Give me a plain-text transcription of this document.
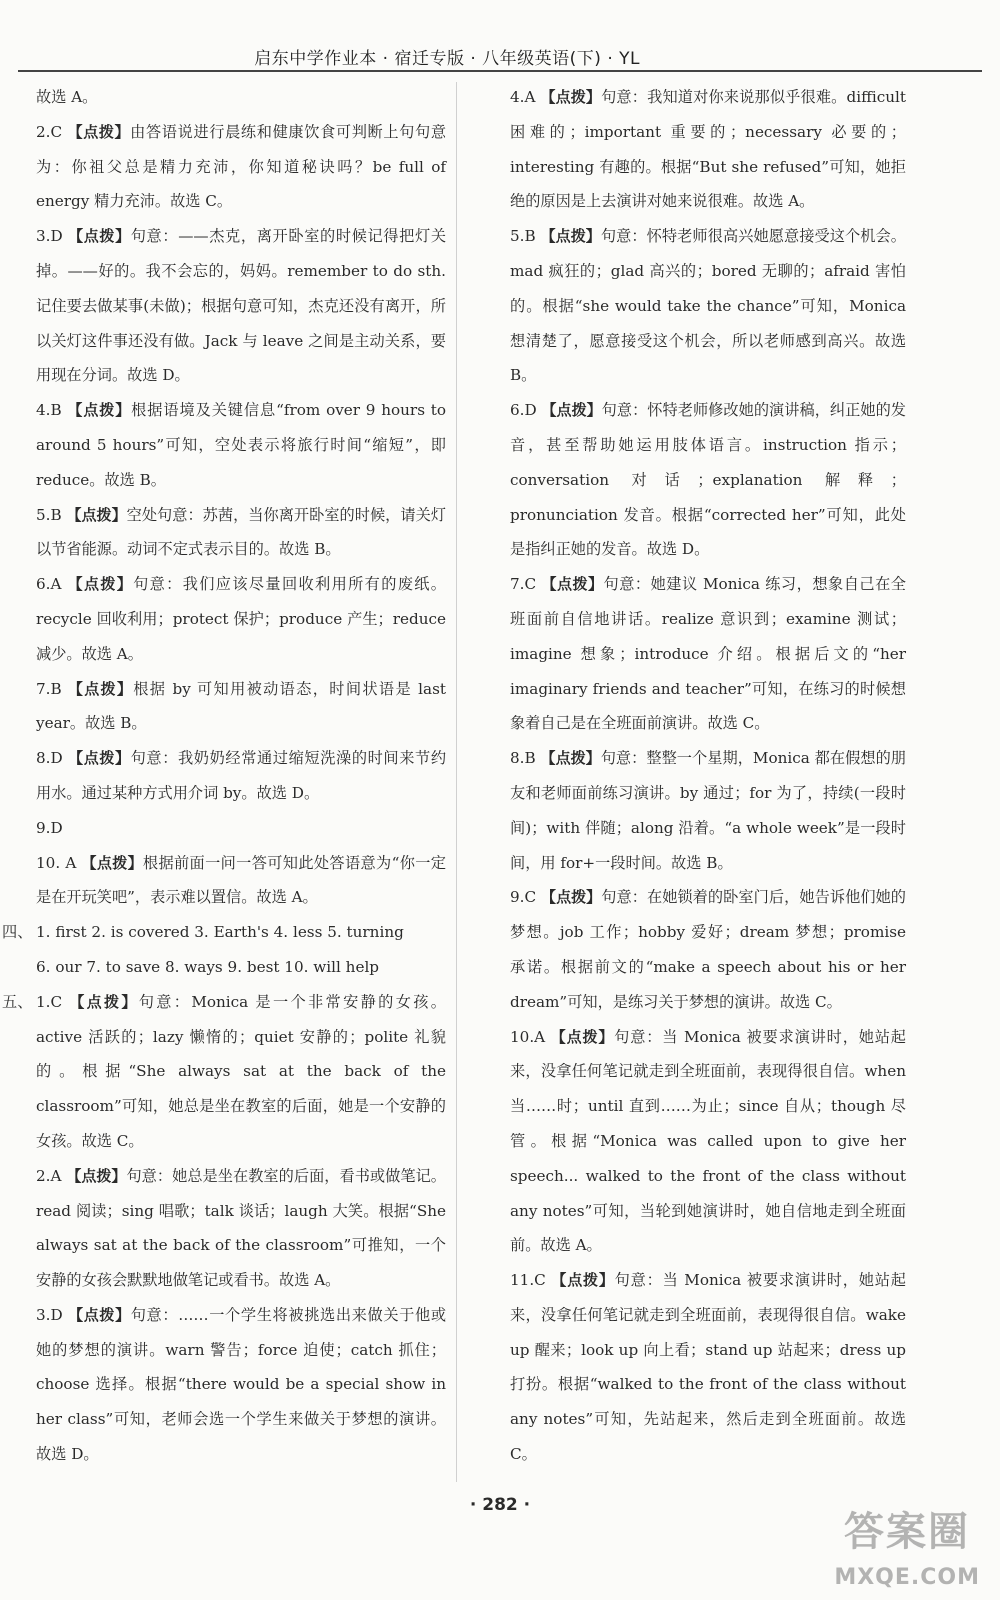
启东中学作业本 · 宿迁专版 · 八年级英语(下) · YL

故选 A。

2.C 【点拨】由答语说进行晨练和健康饮食可判断上句句意为：你祖父总是精力充沛，你知道秘诀吗？be full of energy 精力充沛。故选 C。

3.D 【点拨】句意：——杰克，离开卧室的时候记得把灯关掉。——好的。我不会忘的，妈妈。remember to do sth. 记住要去做某事(未做)；根据句意可知，杰克还没有离开，所以关灯这件事还没有做。Jack 与 leave 之间是主动关系，要用现在分词。故选 D。

4.B 【点拨】根据语境及关键信息“from over 9 hours to around 5 hours”可知，空处表示将旅行时间“缩短”，即 reduce。故选 B。

5.B 【点拨】空处句意：苏茜，当你离开卧室的时候，请关灯以节省能源。动词不定式表示目的。故选 B。

6.A 【点拨】句意：我们应该尽量回收利用所有的废纸。recycle 回收利用；protect 保护；produce 产生；reduce 减少。故选 A。

7.B 【点拨】根据 by 可知用被动语态，时间状语是 last year。故选 B。

8.D 【点拨】句意：我奶奶经常通过缩短洗澡的时间来节约用水。通过某种方式用介词 by。故选 D。

9.D

10. A 【点拨】根据前面一问一答可知此处答语意为“你一定是在开玩笑吧”，表示难以置信。故选 A。

四、 1. first 2. is covered 3. Earth's 4. less 5. turning

6. our 7. to save 8. ways 9. best 10. will help

五、 1.C 【点拨】句意：Monica 是一个非常安静的女孩。active 活跃的；lazy 懒惰的；quiet 安静的；polite 礼貌的。根据“She always sat at the back of the classroom”可知，她总是坐在教室的后面，她是一个安静的女孩。故选 C。

2.A 【点拨】句意：她总是坐在教室的后面，看书或做笔记。read 阅读；sing 唱歌；talk 谈话；laugh 大笑。根据“She always sat at the back of the classroom”可推知，一个安静的女孩会默默地做笔记或看书。故选 A。

3.D 【点拨】句意：……一个学生将被挑选出来做关于他或她的梦想的演讲。warn 警告；force 迫使；catch 抓住；choose 选择。根据“there would be a special show in her class”可知，老师会选一个学生来做关于梦想的演讲。故选 D。

4.A 【点拨】句意：我知道对你来说那似乎很难。difficult 困难的；important 重要的；necessary 必要的；interesting 有趣的。根据“But she refused”可知，她拒绝的原因是上去演讲对她来说很难。故选 A。

5.B 【点拨】句意：怀特老师很高兴她愿意接受这个机会。mad 疯狂的；glad 高兴的；bored 无聊的；afraid 害怕的。根据“she would take the chance”可知，Monica 想清楚了，愿意接受这个机会，所以老师感到高兴。故选 B。

6.D 【点拨】句意：怀特老师修改她的演讲稿，纠正她的发音，甚至帮助她运用肢体语言。instruction 指示；conversation 对话；explanation 解释；pronunciation 发音。根据“corrected her”可知，此处是指纠正她的发音。故选 D。

7.C 【点拨】句意：她建议 Monica 练习，想象自己在全班面前自信地讲话。realize 意识到；examine 测试；imagine 想象；introduce 介绍。根据后文的“her imaginary friends and teacher”可知，在练习的时候想象着自己是在全班面前演讲。故选 C。

8.B 【点拨】句意：整整一个星期，Monica 都在假想的朋友和老师面前练习演讲。by 通过；for 为了，持续(一段时间)；with 伴随；along 沿着。“a whole week”是一段时间，用 for+一段时间。故选 B。

9.C 【点拨】句意：在她锁着的卧室门后，她告诉他们她的梦想。job 工作；hobby 爱好；dream 梦想；promise 承诺。根据前文的“make a speech about his or her dream”可知，是练习关于梦想的演讲。故选 C。

10.A 【点拨】句意：当 Monica 被要求演讲时，她站起来，没拿任何笔记就走到全班面前，表现得很自信。when 当……时；until 直到……为止；since 自从；though 尽管。根据“Monica was called upon to give her speech... walked to the front of the class without any notes”可知，当轮到她演讲时，她自信地走到全班面前。故选 A。

11.C 【点拨】句意：当 Monica 被要求演讲时，她站起来，没拿任何笔记就走到全班面前，表现得很自信。wake up 醒来；look up 向上看；stand up 站起来；dress up 打扮。根据“walked to the front of the class without any notes”可知，先站起来，然后走到全班面前。故选 C。

· 282 ·
答案圈
MXQE.COM
